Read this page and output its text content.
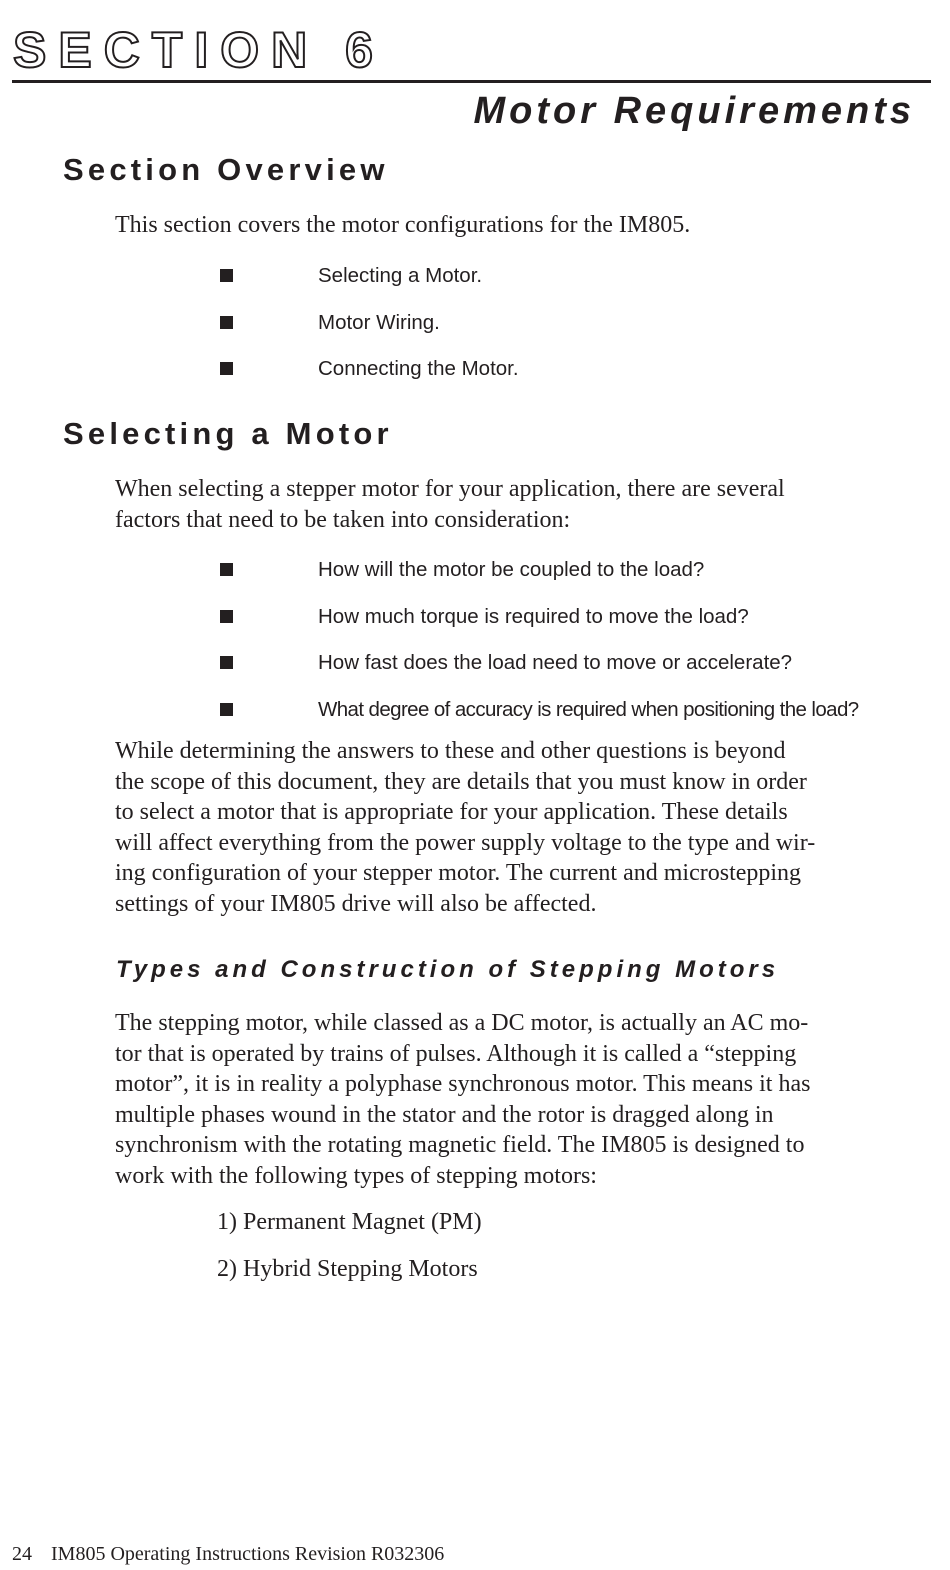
SECTION 6
Motor Requirements
Section Overview

This section covers the motor configurations for the IM805.

Selecting a Motor.
Motor Wiring.
Connecting the Motor.
Selecting a Motor

When selecting a stepper motor for your application, there are several
factors that need to be taken into consideration:

How will the motor be coupled to the load?
How much torque is required to move the load?
How fast does the load need to move or accelerate?
What degree of accuracy is required when positioning the load?

While determining the answers to these and other questions is beyond
the scope of this document, they are details that you must know in order
to select a motor that is appropriate for your application. These details
will affect everything from the power supply voltage to the type and wir-
ing configuration of your stepper motor. The current and microstepping
settings of your IM805 drive will also be affected.

Types and Construction of Stepping Motors

The stepping motor, while classed as a DC motor, is actually an AC mo-
tor that is operated by trains of pulses. Although it is called a “stepping
motor”, it is in reality a polyphase synchronous motor. This means it has
multiple phases wound in the stator and the rotor is dragged along in
synchronism with the rotating magnetic field. The IM805 is designed to
work with the following types of stepping motors:

1) Permanent Magnet (PM)
2) Hybrid Stepping Motors
24 IM805 Operating Instructions Revision R032306
